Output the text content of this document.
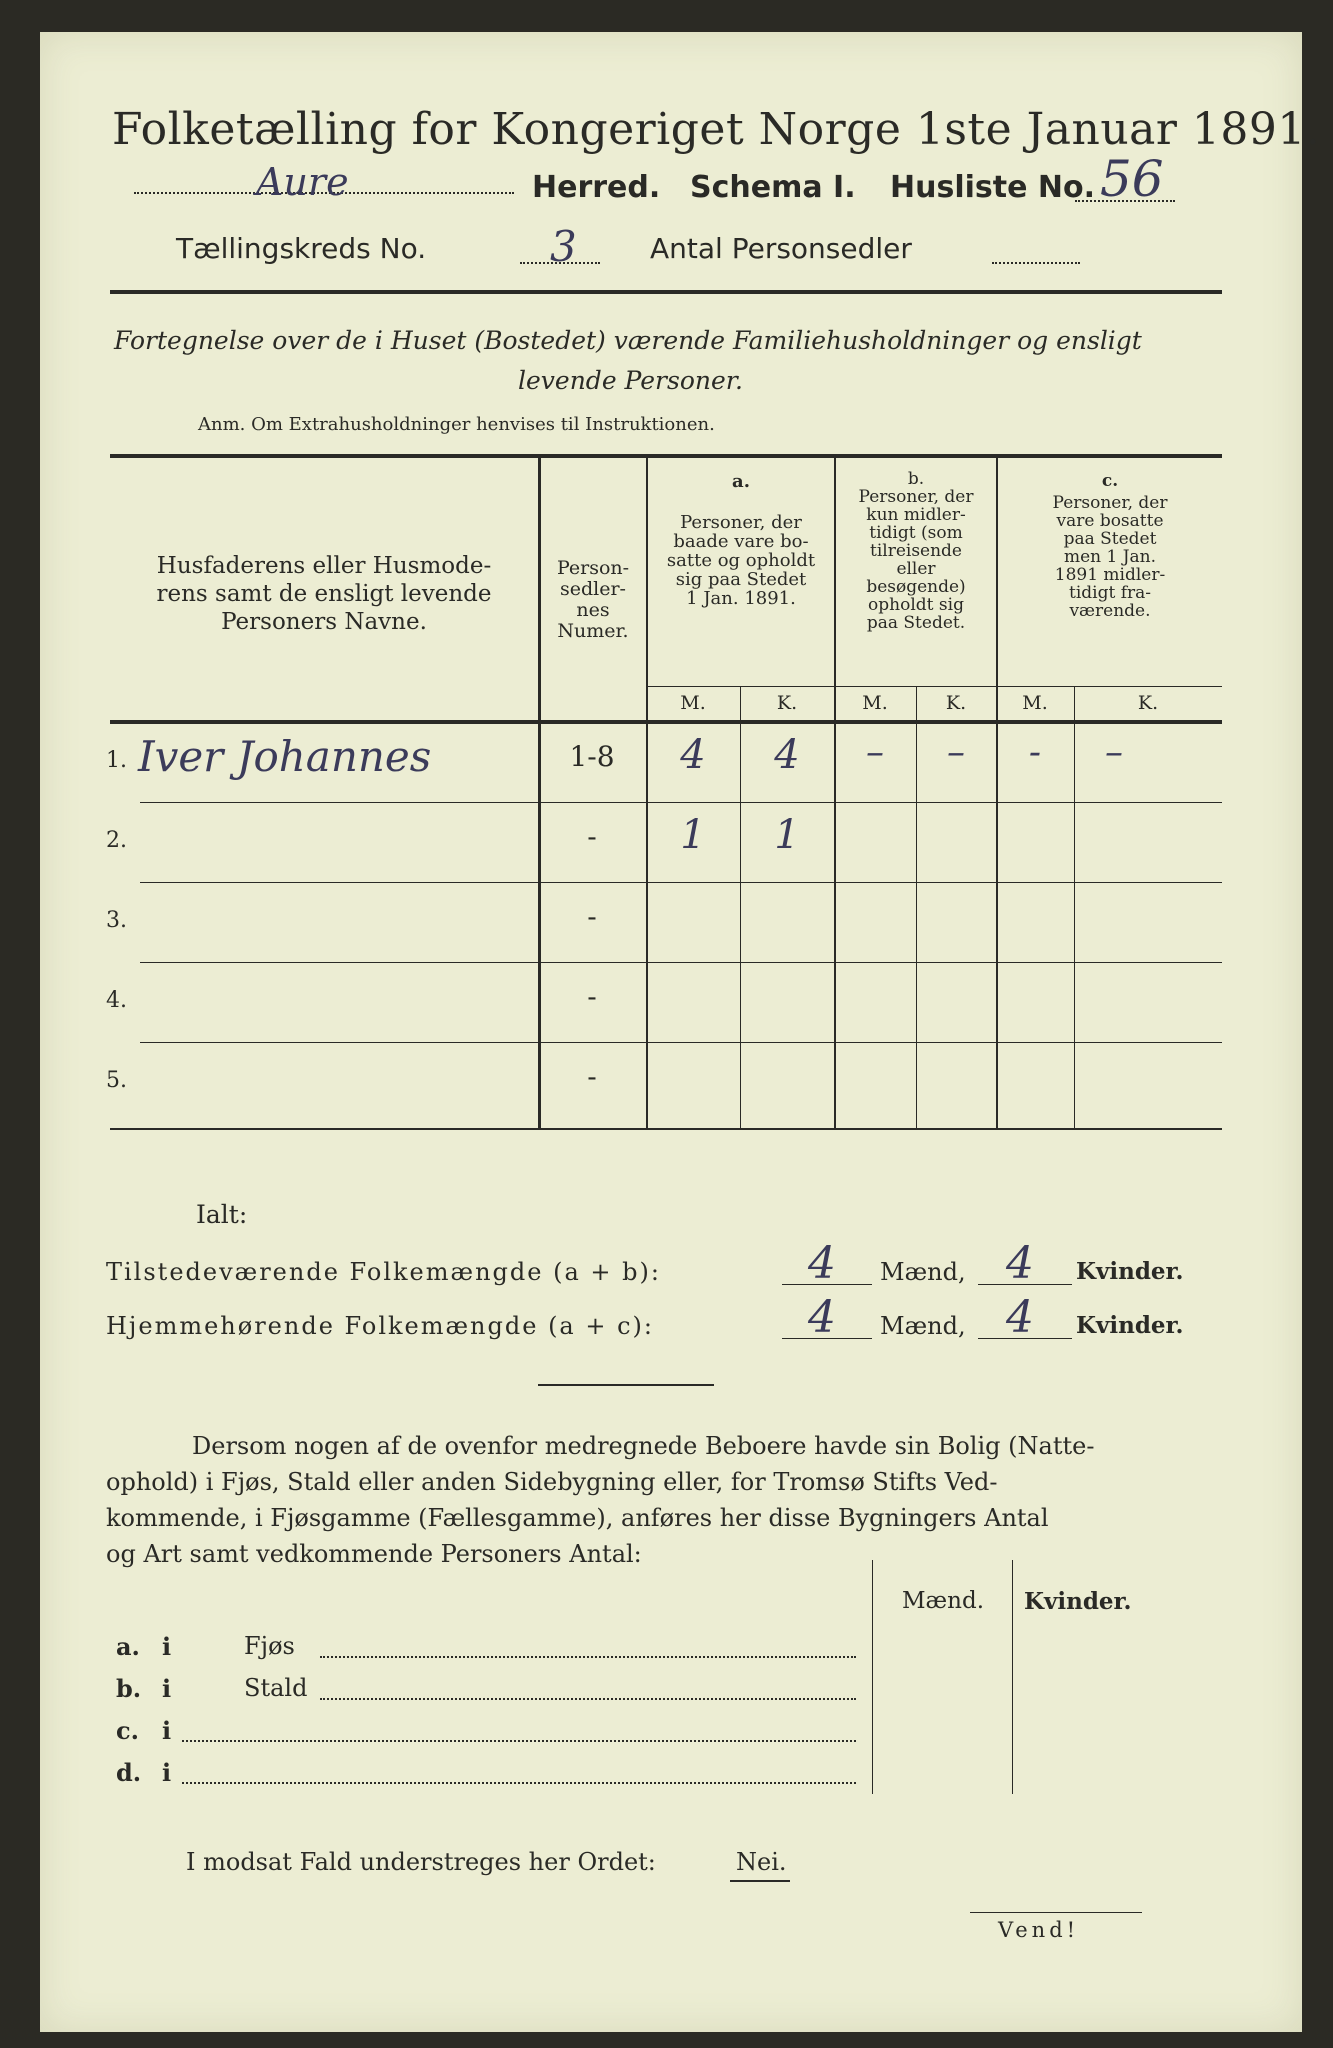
Folketælling for Kongeriget Norge 1ste Januar 1891.
Aure	Herred. Schema I. Husliste No. 56
Tællingskreds No.	3	Antal Personsedler
Fortegnelse over de i Huset (Bostedet) værende Familiehusholdninger og ensligt
levende Personer.
Anm. Om Extrahusholdninger henvises til Instruktionen.
Husfaderens eller Husmode-
rens samt de ensligt levende
Personers Navne.
Person-
sedler-
nes
Numer.
a.
Personer, der
baade vare bo-
satte og opholdt
sig paa Stedet
1 Jan. 1891.
b.
Personer, der
kun midler-
tidigt (som
tilreisende
eller
besøgende)
opholdt sig
paa Stedet.
c.
Personer, der
vare bosatte
paa Stedet
men 1 Jan.
1891 midler-
tidigt fra-
værende.
M.	K.	M.	K.	M.	K.
1. Iver Johannes	1-8	4	4	–	–	-	–
2.	-	1	1
3.	-
4.	-
5.	-
Ialt:
Tilstedeværende Folkemængde (a + b):	4 Mænd, 4 Kvinder.
Hjemmehørende Folkemængde (a + c):	4 Mænd, 4 Kvinder.
Dersom nogen af de ovenfor medregnede Beboere havde sin Bolig (Natte-
ophold) i Fjøs, Stald eller anden Sidebygning eller, for Tromsø Stifts Ved-
kommende, i Fjøsgamme (Fællesgamme), anføres her disse Bygningers Antal
og Art samt vedkommende Personers Antal:
Mænd. Kvinder.
a. i	Fjøs
b. i	Stald
c. i
d. i
I modsat Fald understreges her Ordet:	Nei.
Vend!
